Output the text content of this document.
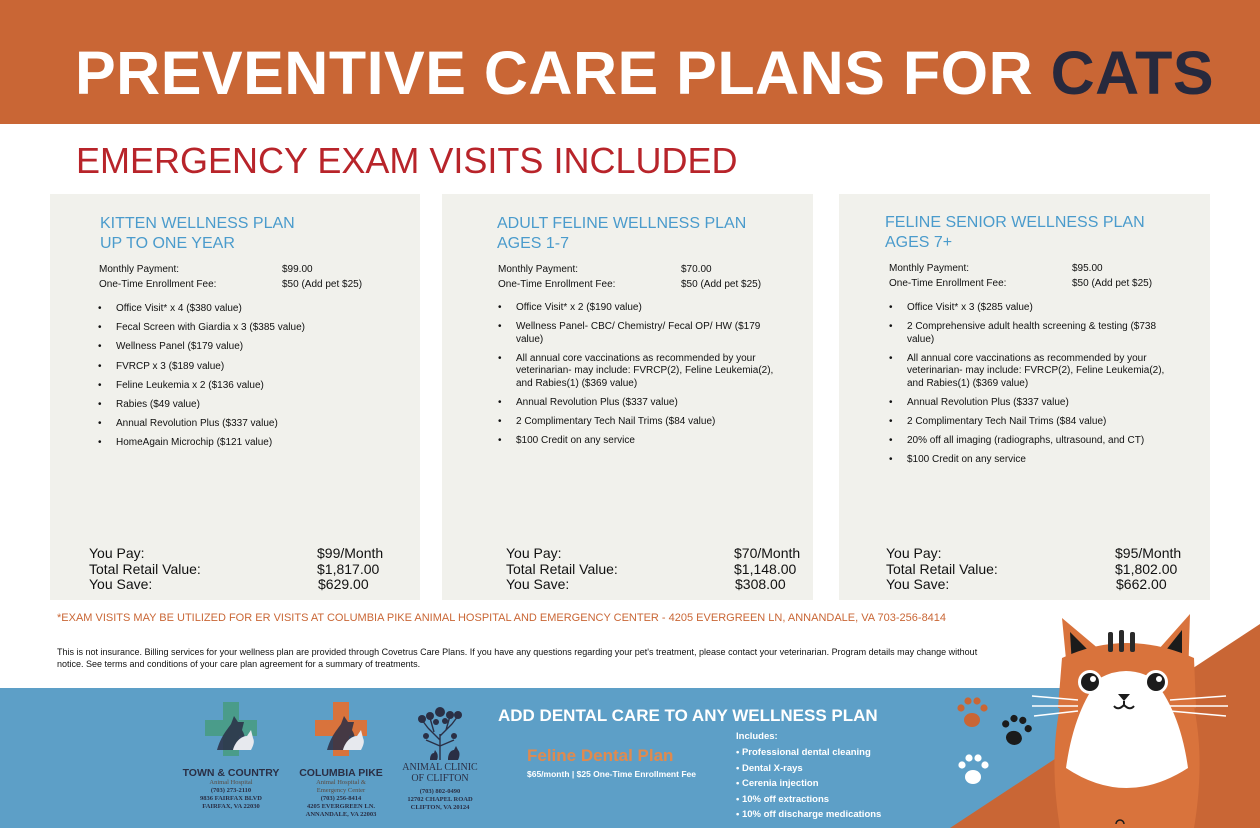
PREVENTIVE CARE PLANS FOR CATS
EMERGENCY EXAM VISITS INCLUDED
KITTEN WELLNESS PLAN
UP TO ONE YEAR
Monthly Payment:	$99.00
One-Time Enrollment Fee:	$50 (Add pet $25)
• Office Visit* x 4 ($380 value)
• Fecal Screen with Giardia x 3 ($385 value)
• Wellness Panel ($179 value)
• FVRCP x 3 ($189 value)
• Feline Leukemia x 2 ($136 value)
• Rabies ($49 value)
• Annual Revolution Plus ($337 value)
• HomeAgain Microchip ($121 value)
You Pay:	$99/Month
Total Retail Value:	$1,817.00
You Save:	$629.00
ADULT FELINE WELLNESS PLAN
AGES 1-7
Monthly Payment:	$70.00
One-Time Enrollment Fee:	$50 (Add pet $25)
• Office Visit* x 2 ($190 value)
• Wellness Panel- CBC/ Chemistry/ Fecal OP/ HW ($179 value)
• All annual core vaccinations as recommended by your veterinarian- may include: FVRCP(2), Feline Leukemia(2), and Rabies(1) ($369 value)
• Annual Revolution Plus ($337 value)
• 2 Complimentary Tech Nail Trims ($84 value)
• $100 Credit on any service
You Pay:	$70/Month
Total Retail Value:	$1,148.00
You Save:	$308.00
FELINE SENIOR WELLNESS PLAN
AGES 7+
Monthly Payment:	$95.00
One-Time Enrollment Fee:	$50 (Add pet $25)
• Office Visit* x 3 ($285 value)
• 2 Comprehensive adult health screening & testing ($738 value)
• All annual core vaccinations as recommended by your veterinarian- may include: FVRCP(2), Feline Leukemia(2), and Rabies(1) ($369 value)
• Annual Revolution Plus ($337 value)
• 2 Complimentary Tech Nail Trims ($84 value)
• 20% off all imaging (radiographs, ultrasound, and CT)
• $100 Credit on any service
You Pay:	$95/Month
Total Retail Value:	$1,802.00
You Save:	$662.00
*EXAM VISITS MAY BE UTILIZED FOR ER VISITS AT COLUMBIA PIKE ANIMAL HOSPITAL AND EMERGENCY CENTER - 4205 EVERGREEN LN, ANNANDALE, VA 703-256-8414
This is not insurance. Billing services for your wellness plan are provided through Covetrus Care Plans. If you have any questions regarding your pet's treatment, please contact your veterinarian. Program details may change without notice. See terms and conditions of your care plan agreement for a summary of treatments.
TOWN & COUNTRY
Animal Hospital
(703) 273-2110
9836 FAIRFAX BLVD
FAIRFAX, VA 22030
COLUMBIA PIKE
Animal Hospital &
Emergency Center
(703) 256-8414
4205 EVERGREEN LN.
ANNANDALE, VA 22003
ANIMAL CLINIC
OF CLIFTON
(703) 802-0490
12702 CHAPEL ROAD
CLIFTON, VA 20124
ADD DENTAL CARE TO ANY WELLNESS PLAN
Feline Dental Plan
$65/month | $25 One-Time Enrollment Fee
Includes:
• Professional dental cleaning
• Dental X-rays
• Cerenia injection
• 10% off extractions
• 10% off discharge medications
